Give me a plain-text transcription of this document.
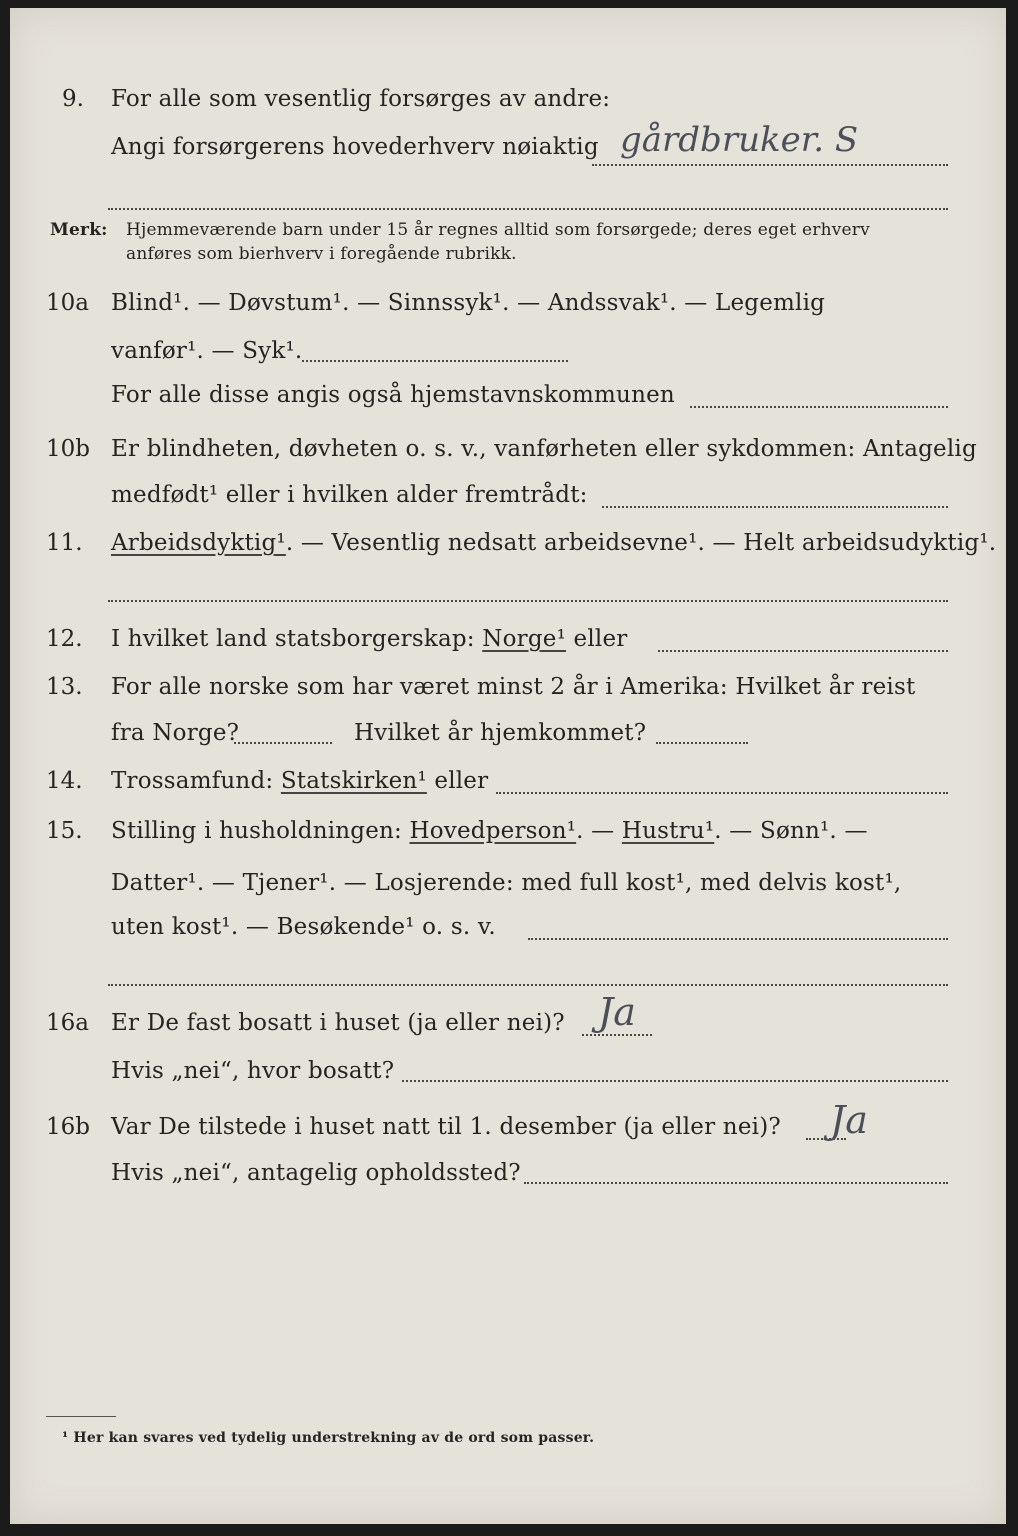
9. For alle som vesentlig forsørges av andre:
Angi forsørgerens hovederhverv nøiaktig gårdbruker. S
Merk: Hjemmeværende barn under 15 år regnes alltid som forsørgede; deres eget erhverv
anføres som bierhverv i foregående rubrikk.
10a Blind¹. — Døvstum¹. — Sinnssyk¹. — Andssvak¹. — Legemlig
vanfør¹. — Syk¹.
For alle disse angis også hjemstavnskommunen
10b Er blindheten, døvheten o. s. v., vanførheten eller sykdommen: Antagelig
medfødt¹ eller i hvilken alder fremtrådt:
11. Arbeidsdyktig¹. — Vesentlig nedsatt arbeidsevne¹. — Helt arbeidsudyktig¹.
12. I hvilket land statsborgerskap: Norge¹ eller
13. For alle norske som har været minst 2 år i Amerika: Hvilket år reist
fra Norge?	Hvilket år hjemkommet?
14. Trossamfund: Statskirken¹ eller
15. Stilling i husholdningen: Hovedperson¹. — Hustru¹. — Sønn¹. —
Datter¹. — Tjener¹. — Losjerende: med full kost¹, med delvis kost¹,
uten kost¹. — Besøkende¹ o. s. v.
16a Er De fast bosatt i huset (ja eller nei)? Ja
Hvis „nei“, hvor bosatt?
16b Var De tilstede i huset natt til 1. desember (ja eller nei)? Ja
Hvis „nei“, antagelig opholdssted?
¹ Her kan svares ved tydelig understrekning av de ord som passer.
